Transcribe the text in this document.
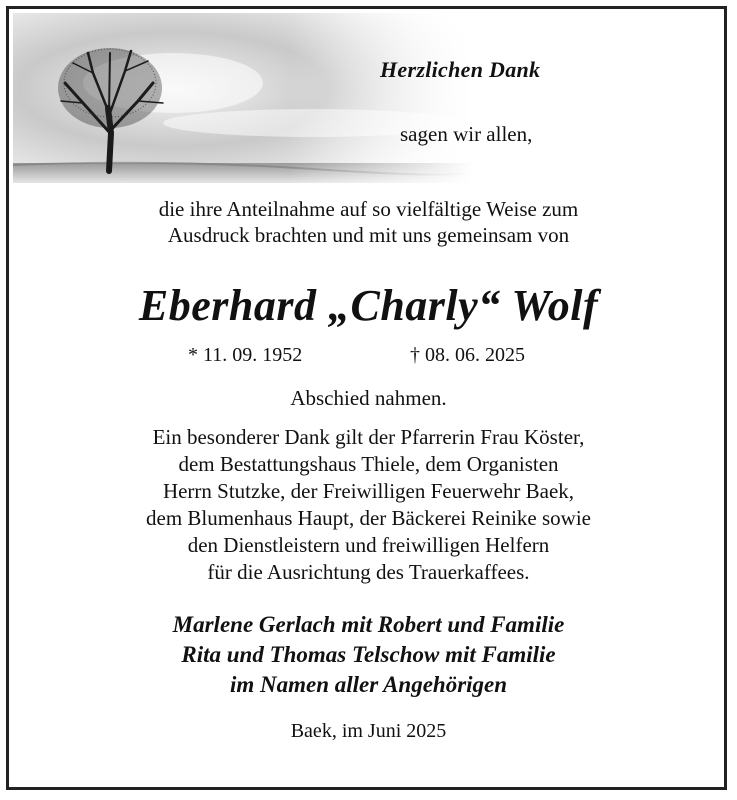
Herzlichen Dank
sagen wir allen,
die ihre Anteilnahme auf so vielfältige Weise zum
Ausdruck brachten und mit uns gemeinsam von
Eberhard „Charly“ Wolf
* 11. 09. 1952	† 08. 06. 2025
Abschied nahmen.
Ein besonderer Dank gilt der Pfarrerin Frau Köster,
dem Bestattungshaus Thiele, dem Organisten
Herrn Stutzke, der Freiwilligen Feuerwehr Baek,
dem Blumenhaus Haupt, der Bäckerei Reinike sowie
den Dienstleistern und freiwilligen Helfern
für die Ausrichtung des Trauerkaffees.
Marlene Gerlach mit Robert und Familie
Rita und Thomas Telschow mit Familie
im Namen aller Angehörigen
Baek, im Juni 2025
